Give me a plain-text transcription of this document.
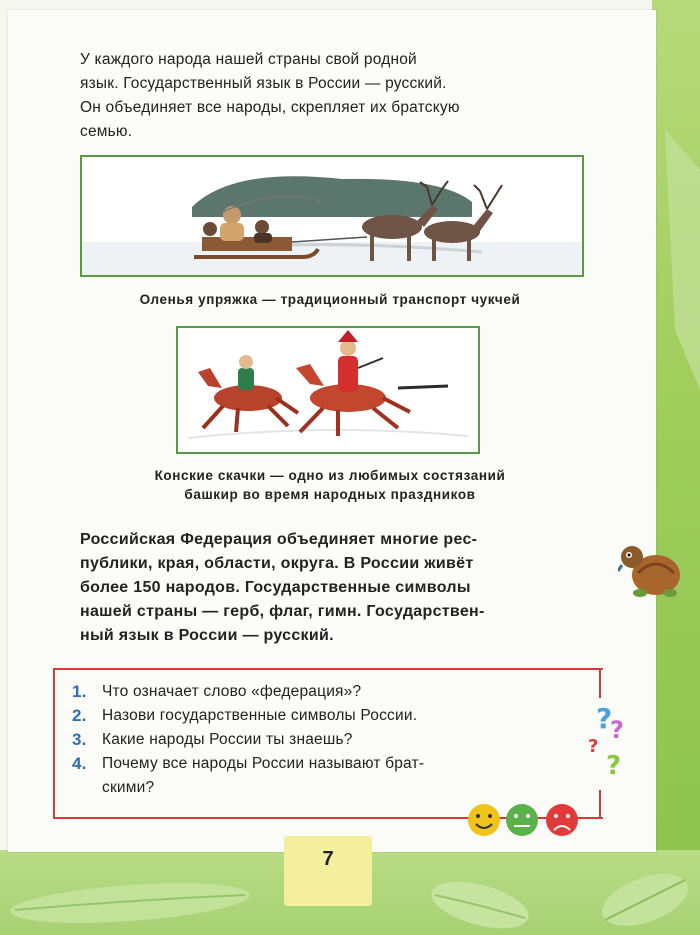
У каждого народа нашей страны свой родной

язык. Государственный язык в России — русский.

Он объединяет все народы, скрепляет их братскую

семью.

Оленья упряжка — традиционный транспорт чукчей
Конские скачки — одно из любимых состязаний
башкир во время народных праздников
Российская Федерация объединяет многие рес-
публики, края, области, округа. В России живёт
более 150 народов. Государственные символы
нашей страны — герб, флаг, гимн. Государствен-
ный язык в России — русский.
1. Что означает слово «федерация»?
2. Назови государственные символы России.
3. Какие народы России ты знаешь?
4. Почему все народы России называют брат-
скими?
?
?
?
?
7
